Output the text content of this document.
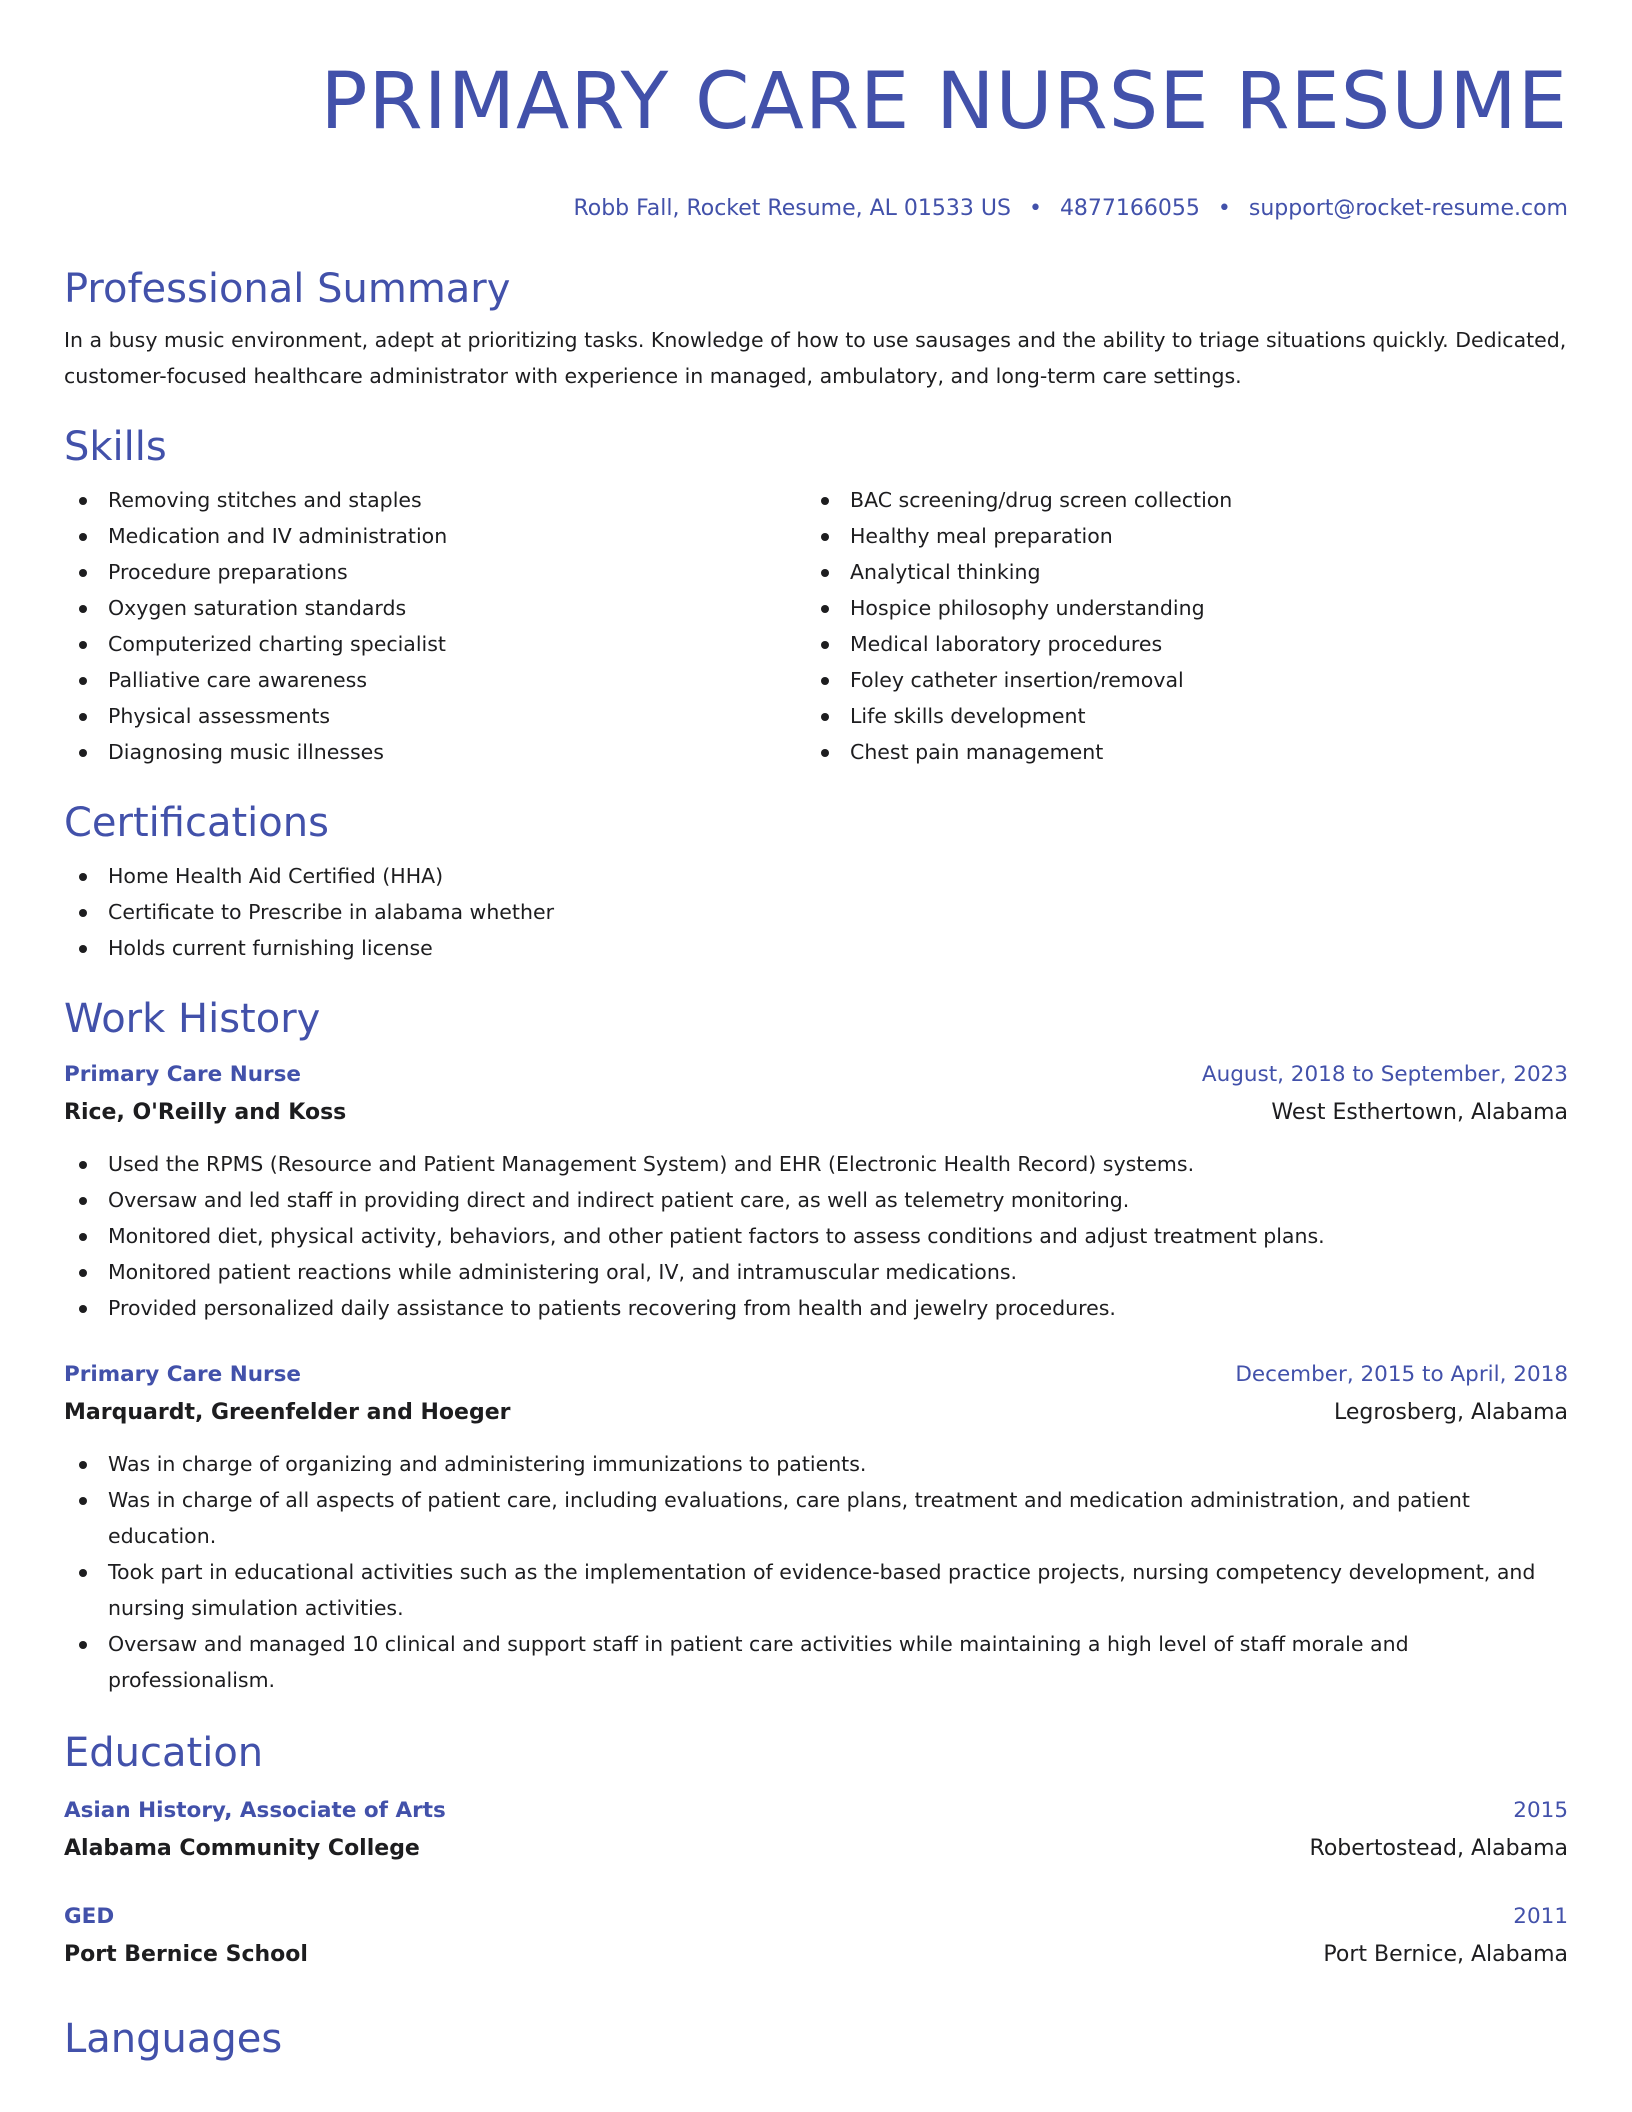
PRIMARY CARE NURSE RESUME
Robb Fall, Rocket Resume, AL 01533 US • 4877166055 • support@rocket-resume.com
Professional Summary
In a busy music environment, adept at prioritizing tasks. Knowledge of how to use sausages and the ability to triage situations quickly. Dedicated, customer-focused healthcare administrator with experience in managed, ambulatory, and long-term care settings.
Skills
Removing stitches and staples
Medication and IV administration
Procedure preparations
Oxygen saturation standards
Computerized charting specialist
Palliative care awareness
Physical assessments
Diagnosing music illnesses
BAC screening/drug screen collection
Healthy meal preparation
Analytical thinking
Hospice philosophy understanding
Medical laboratory procedures
Foley catheter insertion/removal
Life skills development
Chest pain management
Certifications
Home Health Aid Certified (HHA)
Certificate to Prescribe in alabama whether
Holds current furnishing license
Work History
Primary Care Nurse	August, 2018 to September, 2023
Rice, O'Reilly and Koss	West Esthertown, Alabama
Used the RPMS (Resource and Patient Management System) and EHR (Electronic Health Record) systems.
Oversaw and led staff in providing direct and indirect patient care, as well as telemetry monitoring.
Monitored diet, physical activity, behaviors, and other patient factors to assess conditions and adjust treatment plans.
Monitored patient reactions while administering oral, IV, and intramuscular medications.
Provided personalized daily assistance to patients recovering from health and jewelry procedures.
Primary Care Nurse	December, 2015 to April, 2018
Marquardt, Greenfelder and Hoeger	Legrosberg, Alabama
Was in charge of organizing and administering immunizations to patients.
Was in charge of all aspects of patient care, including evaluations, care plans, treatment and medication administration, and patient education.
Took part in educational activities such as the implementation of evidence-based practice projects, nursing competency development, and nursing simulation activities.
Oversaw and managed 10 clinical and support staff in patient care activities while maintaining a high level of staff morale and professionalism.
Education
Asian History, Associate of Arts	2015
Alabama Community College	Robertostead, Alabama
GED	2011
Port Bernice School	Port Bernice, Alabama
Languages
